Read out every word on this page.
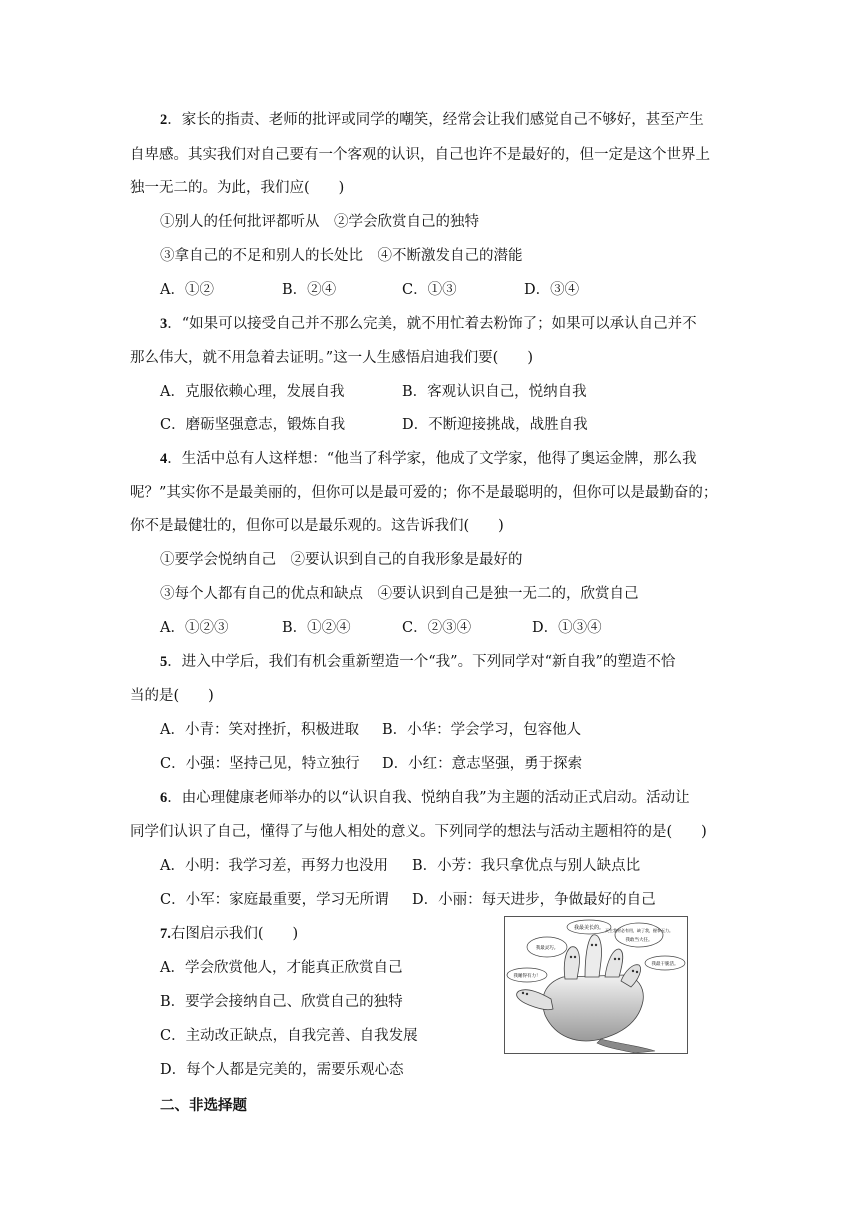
2．家长的指责、老师的批评或同学的嘲笑，经常会让我们感觉自己不够好，甚至产生
自卑感。其实我们对自己要有一个客观的认识，自己也许不是最好的，但一定是这个世界上
独一无二的。为此，我们应(　　)
①别人的任何批评都听从　②学会欣赏自己的独特
③拿自己的不足和别人的长处比　④不断激发自己的潜能
A．①②	B．②④	C．①③	D．③④
3．“如果可以接受自己并不那么完美，就不用忙着去粉饰了；如果可以承认自己并不
那么伟大，就不用急着去证明。”这一人生感悟启迪我们要(　　)
A．克服依赖心理，发展自我	B．客观认识自己，悦纳自我
C．磨砺坚强意志，锻炼自我	D．不断迎接挑战，战胜自我
4．生活中总有人这样想：“他当了科学家，他成了文学家，他得了奥运金牌，那么我
呢？”其实你不是最美丽的，但你可以是最可爱的；你不是最聪明的，但你可以是最勤奋的；
你不是最健壮的，但你可以是最乐观的。这告诉我们(　　)
①要学会悦纳自己　②要认识到自己的自我形象是最好的
③每个人都有自己的优点和缺点　④要认识到自己是独一无二的，欣赏自己
A．①②③	B．①②④	C．②③④	D．①③④
5．进入中学后，我们有机会重新塑造一个“我”。下列同学对“新自我”的塑造不恰
当的是(　　)
A．小青：笑对挫折，积极进取 B．小华：学会学习，包容他人
C．小强：坚持己见，特立独行 D．小红：意志坚强，勇于探索
6．由心理健康老师举办的以“认识自我、悦纳自我”为主题的活动正式启动。活动让
同学们认识了自己，懂得了与他人相处的意义。下列同学的想法与活动主题相符的是(　　)
A．小明：我学习差，再努力也没用 B．小芳：我只拿优点与别人缺点比
C．小军：家庭最重要，学习无所谓 D．小丽：每天进步，争做最好的自己
7.右图启示我们(　　)
A．学会欣赏他人，才能真正欣赏自己
B．要学会接纳自己、欣赏自己的独特
C．主动改正缺点，自我完善、自我发展
D．每个人都是完美的，需要乐观心态
我最美长的。 天生我材必有用，缺了我，握拳无力。
我最灵巧。
我敢当大任。
我最干脆活。
我睡得有力！
二、非选择题
